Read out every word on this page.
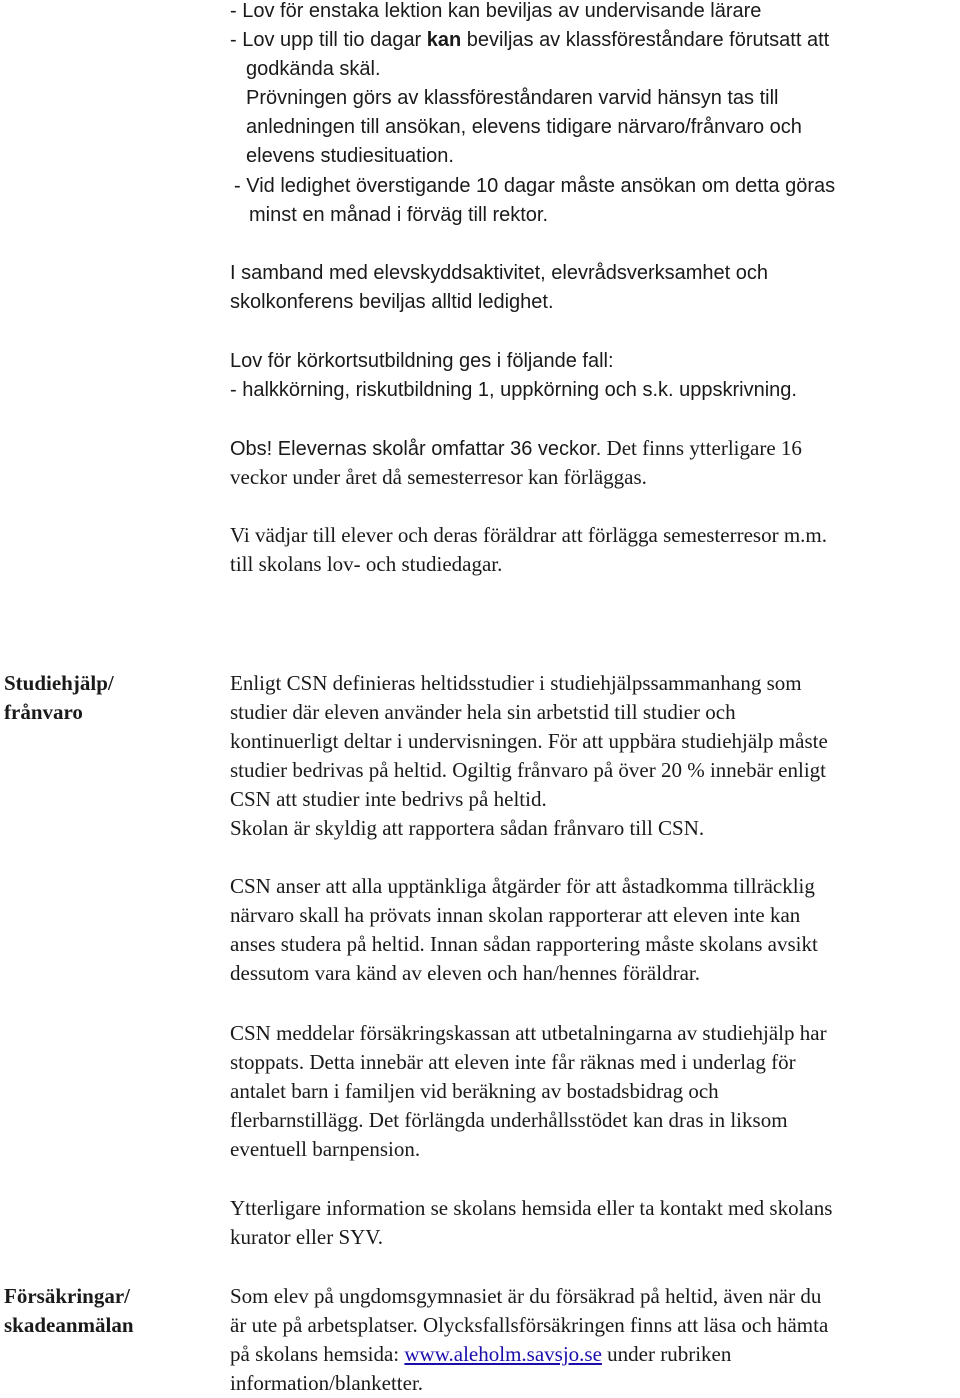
- Lov för enstaka lektion kan beviljas av undervisande lärare

- Lov upp till tio dagar kan beviljas av klassföreståndare förutsatt att

godkända skäl.

Prövningen görs av klassföreståndaren varvid hänsyn tas till

anledningen till ansökan, elevens tidigare närvaro/frånvaro och

elevens studiesituation.

- Vid ledighet överstigande 10 dagar måste ansökan om detta göras

minst en månad i förväg till rektor.

I samband med elevskyddsaktivitet, elevrådsverksamhet och

skolkonferens beviljas alltid ledighet.

Lov för körkortsutbildning ges i följande fall:

- halkkörning, riskutbildning 1, uppkörning och s.k. uppskrivning.

Obs! Elevernas skolår omfattar 36 veckor. Det finns ytterligare 16

veckor under året då semesterresor kan förläggas.

Vi vädjar till elever och deras föräldrar att förlägga semesterresor m.m.

till skolans lov- och studiedagar.

Studiehjälp/
frånvaro

Enligt CSN definieras heltidsstudier i studiehjälpssammanhang som

studier där eleven använder hela sin arbetstid till studier och

kontinuerligt deltar i undervisningen. För att uppbära studiehjälp måste

studier bedrivas på heltid. Ogiltig frånvaro på över 20 % innebär enligt

CSN att studier inte bedrivs på heltid.

Skolan är skyldig att rapportera sådan frånvaro till CSN.

CSN anser att alla upptänkliga åtgärder för att åstadkomma tillräcklig

närvaro skall ha prövats innan skolan rapporterar att eleven inte kan

anses studera på heltid. Innan sådan rapportering måste skolans avsikt

dessutom vara känd av eleven och han/hennes föräldrar.

CSN meddelar försäkringskassan att utbetalningarna av studiehjälp har

stoppats. Detta innebär att eleven inte får räknas med i underlag för

antalet barn i familjen vid beräkning av bostadsbidrag och

flerbarnstillägg. Det förlängda underhållsstödet kan dras in liksom

eventuell barnpension.

Ytterligare information se skolans hemsida eller ta kontakt med skolans

kurator eller SYV.

Försäkringar/
skadeanmälan

Som elev på ungdomsgymnasiet är du försäkrad på heltid, även när du

är ute på arbetsplatser. Olycksfallsförsäkringen finns att läsa och hämta

på skolans hemsida: www.aleholm.savsjo.se under rubriken

information/blanketter.
